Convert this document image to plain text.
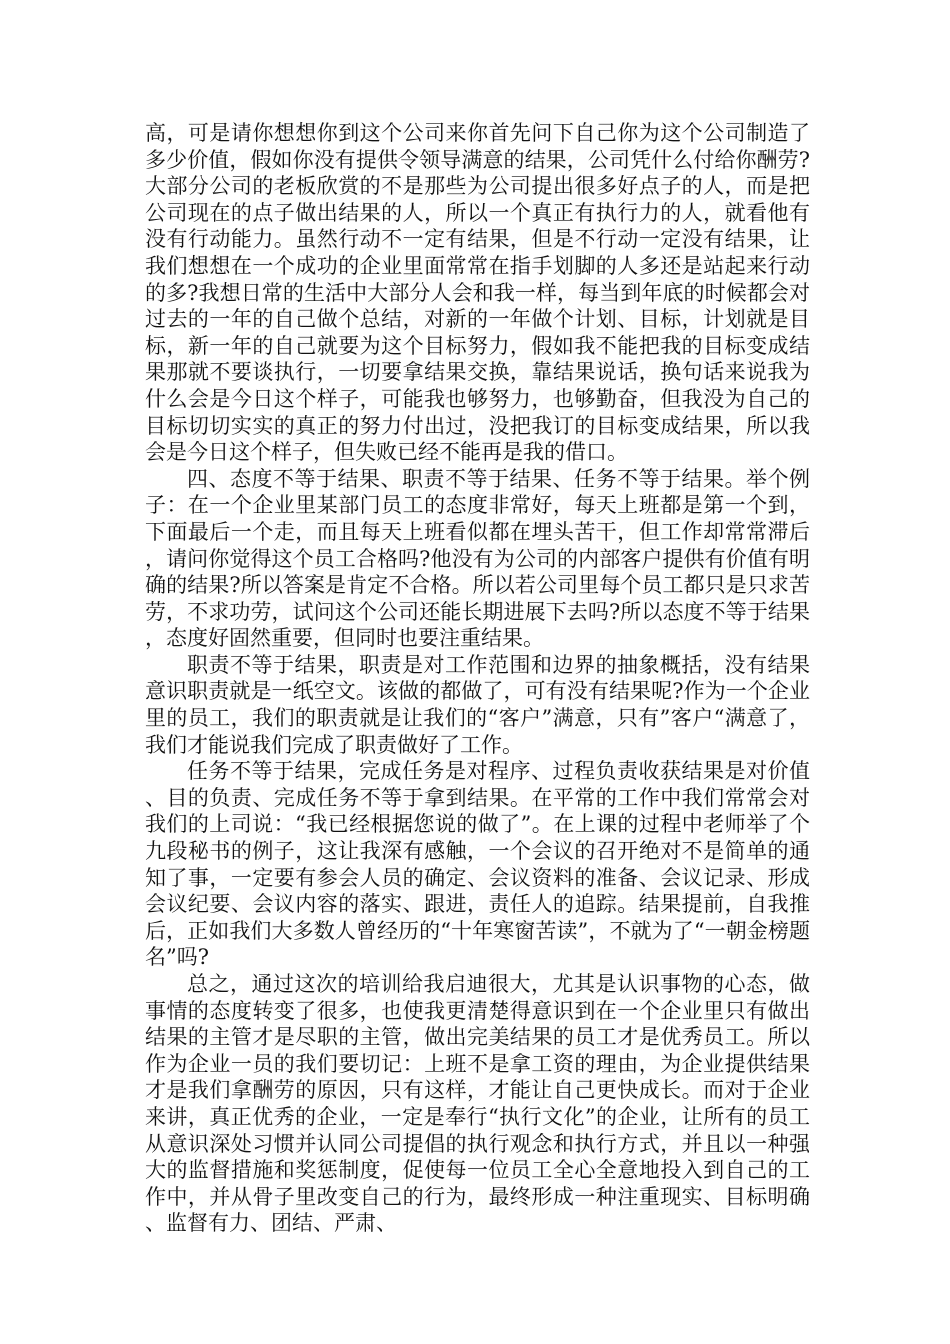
高，可是请你想想你到这个公司来你首先问下自己你为这个公司制造了多少价值，假如你没有提供令领导满意的结果，公司凭什么付给你酬劳?大部分公司的老板欣赏的不是那些为公司提出很多好点子的人，而是把公司现在的点子做出结果的人，所以一个真正有执行力的人，就看他有没有行动能力。虽然行动不一定有结果，但是不行动一定没有结果，让我们想想在一个成功的企业里面常常在指手划脚的人多还是站起来行动的多?我想日常的生活中大部分人会和我一样，每当到年底的时候都会对过去的一年的自己做个总结，对新的一年做个计划、目标，计划就是目标，新一年的自己就要为这个目标努力，假如我不能把我的目标变成结果那就不要谈执行，一切要拿结果交换，靠结果说话，换句话来说我为什么会是今日这个样子，可能我也够努力，也够勤奋，但我没为自己的目标切切实实的真正的努力付出过，没把我订的目标变成结果，所以我会是今日这个样子，但失败已经不能再是我的借口。

四、态度不等于结果、职责不等于结果、任务不等于结果。举个例子：在一个企业里某部门员工的态度非常好，每天上班都是第一个到，下面最后一个走，而且每天上班看似都在埋头苦干，但工作却常常滞后，请问你觉得这个员工合格吗?他没有为公司的内部客户提供有价值有明确的结果?所以答案是肯定不合格。所以若公司里每个员工都只是只求苦劳，不求功劳，试问这个公司还能长期进展下去吗?所以态度不等于结果，态度好固然重要，但同时也要注重结果。

职责不等于结果，职责是对工作范围和边界的抽象概括，没有结果意识职责就是一纸空文。该做的都做了，可有没有结果呢?作为一个企业里的员工，我们的职责就是让我们的“客户”满意，只有”客户“满意了，我们才能说我们完成了职责做好了工作。

任务不等于结果，完成任务是对程序、过程负责收获结果是对价值、目的负责、完成任务不等于拿到结果。在平常的工作中我们常常会对我们的上司说：“我已经根据您说的做了”。在上课的过程中老师举了个九段秘书的例子，这让我深有感触，一个会议的召开绝对不是简单的通知了事，一定要有参会人员的确定、会议资料的准备、会议记录、形成会议纪要、会议内容的落实、跟进，责任人的追踪。结果提前，自我推后，正如我们大多数人曾经历的“十年寒窗苦读”，不就为了“一朝金榜题名”吗?

总之，通过这次的培训给我启迪很大，尤其是认识事物的心态，做事情的态度转变了很多，也使我更清楚得意识到在一个企业里只有做出结果的主管才是尽职的主管，做出完美结果的员工才是优秀员工。所以作为企业一员的我们要切记：上班不是拿工资的理由，为企业提供结果才是我们拿酬劳的原因，只有这样，才能让自己更快成长。而对于企业来讲，真正优秀的企业，一定是奉行“执行文化”的企业，让所有的员工从意识深处习惯并认同公司提倡的执行观念和执行方式，并且以一种强大的监督措施和奖惩制度，促使每一位员工全心全意地投入到自己的工作中，并从骨子里改变自己的行为，最终形成一种注重现实、目标明确、监督有力、团结、严肃、
